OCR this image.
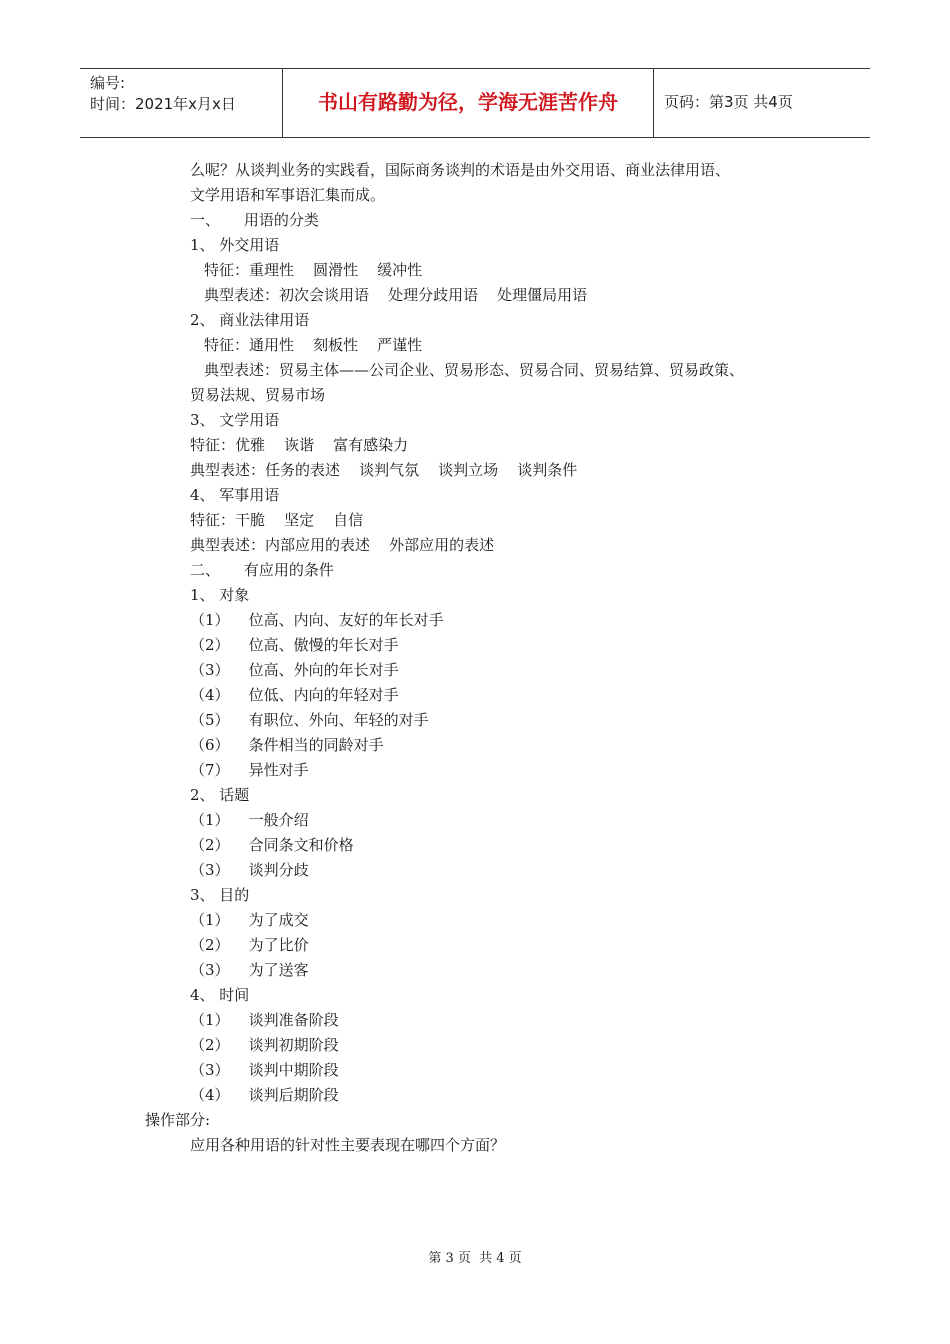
编号:
时间：2021年x月x日	书山有路勤为径，学海无涯苦作舟	页码：第3页 共4页
么呢？从谈判业务的实践看，国际商务谈判的术语是由外交用语、商业法律用语、
文学用语和军事语汇集而成。
一、     用语的分类
1、 外交用语
特征：重理性    圆滑性    缓冲性
典型表述：初次会谈用语    处理分歧用语    处理僵局用语
2、 商业法律用语
特征：通用性    刻板性    严谨性
典型表述：贸易主体——公司企业、贸易形态、贸易合同、贸易结算、贸易政策、
贸易法规、贸易市场
3、 文学用语
特征：优雅    诙谐    富有感染力
典型表述：任务的表述    谈判气氛    谈判立场    谈判条件
4、 军事用语
特征：干脆    坚定    自信
典型表述：内部应用的表述    外部应用的表述
二、     有应用的条件
1、 对象
（1）    位高、内向、友好的年长对手
（2）    位高、傲慢的年长对手
（3）    位高、外向的年长对手
（4）    位低、内向的年轻对手
（5）    有职位、外向、年轻的对手
（6）    条件相当的同龄对手
（7）    异性对手
2、 话题
（1）    一般介绍
（2）    合同条文和价格
（3）    谈判分歧
3、 目的
（1）    为了成交
（2）    为了比价
（3）    为了送客
4、 时间
（1）    谈判准备阶段
（2）    谈判初期阶段
（3）    谈判中期阶段
（4）    谈判后期阶段
操作部分:
应用各种用语的针对性主要表现在哪四个方面？
第 3 页  共 4 页
